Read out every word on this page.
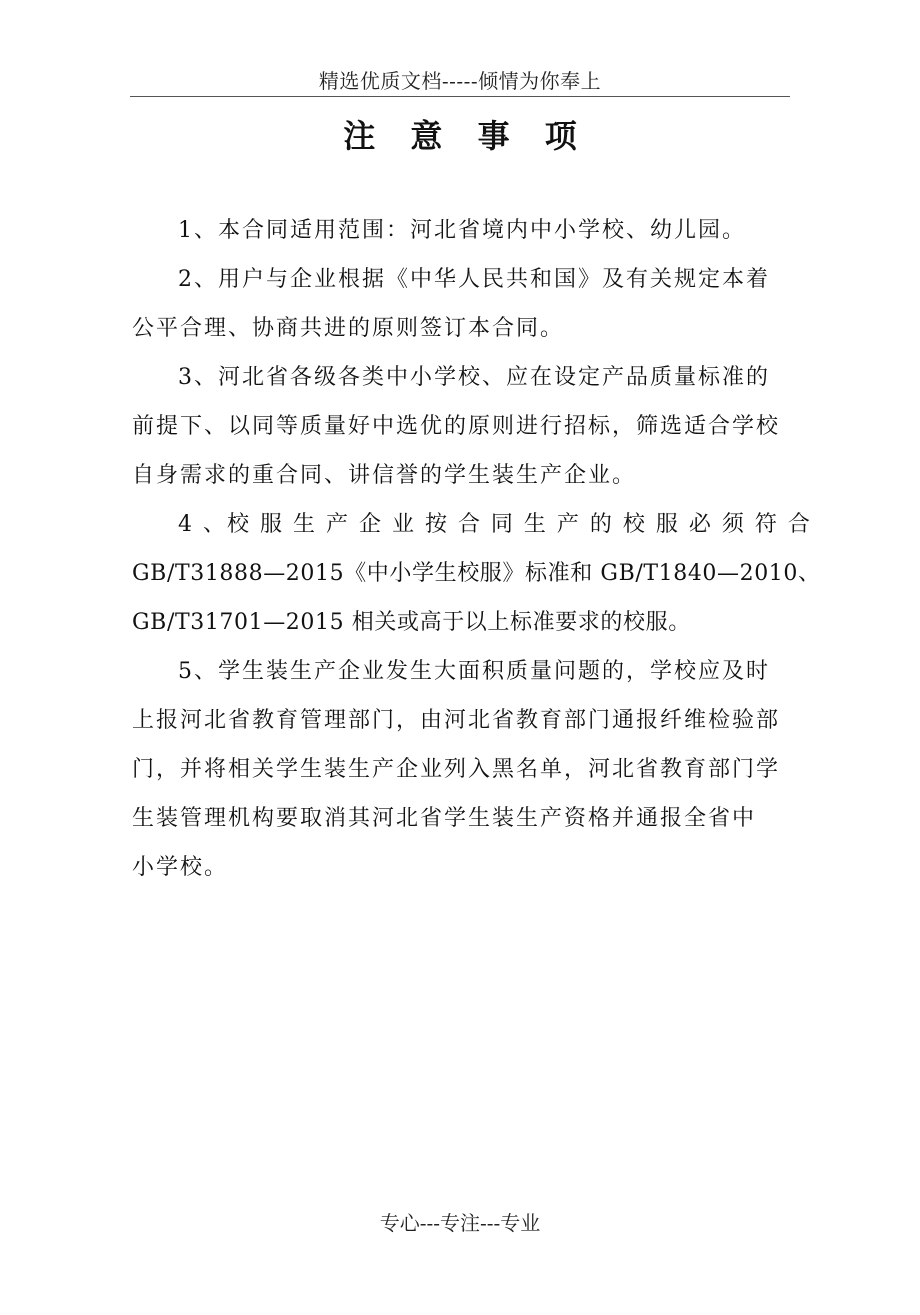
精选优质文档-----倾情为你奉上
注 意 事 项
1、本合同适用范围：河北省境内中小学校、幼儿园。
2、用户与企业根据《中华人民共和国》及有关规定本着
公平合理、协商共进的原则签订本合同。
3、河北省各级各类中小学校、应在设定产品质量标准的
前提下、以同等质量好中选优的原则进行招标，筛选适合学校
自身需求的重合同、讲信誉的学生装生产企业。
4 、校 服 生 产 企 业 按 合 同 生 产 的 校 服 必 须 符 合
GB/T31888—2015《中小学生校服》标准和 GB/T1840—2010、
GB/T31701—2015 相关或高于以上标准要求的校服。
5、学生装生产企业发生大面积质量问题的，学校应及时
上报河北省教育管理部门，由河北省教育部门通报纤维检验部
门，并将相关学生装生产企业列入黑名单，河北省教育部门学
生装管理机构要取消其河北省学生装生产资格并通报全省中
小学校。
专心---专注---专业
